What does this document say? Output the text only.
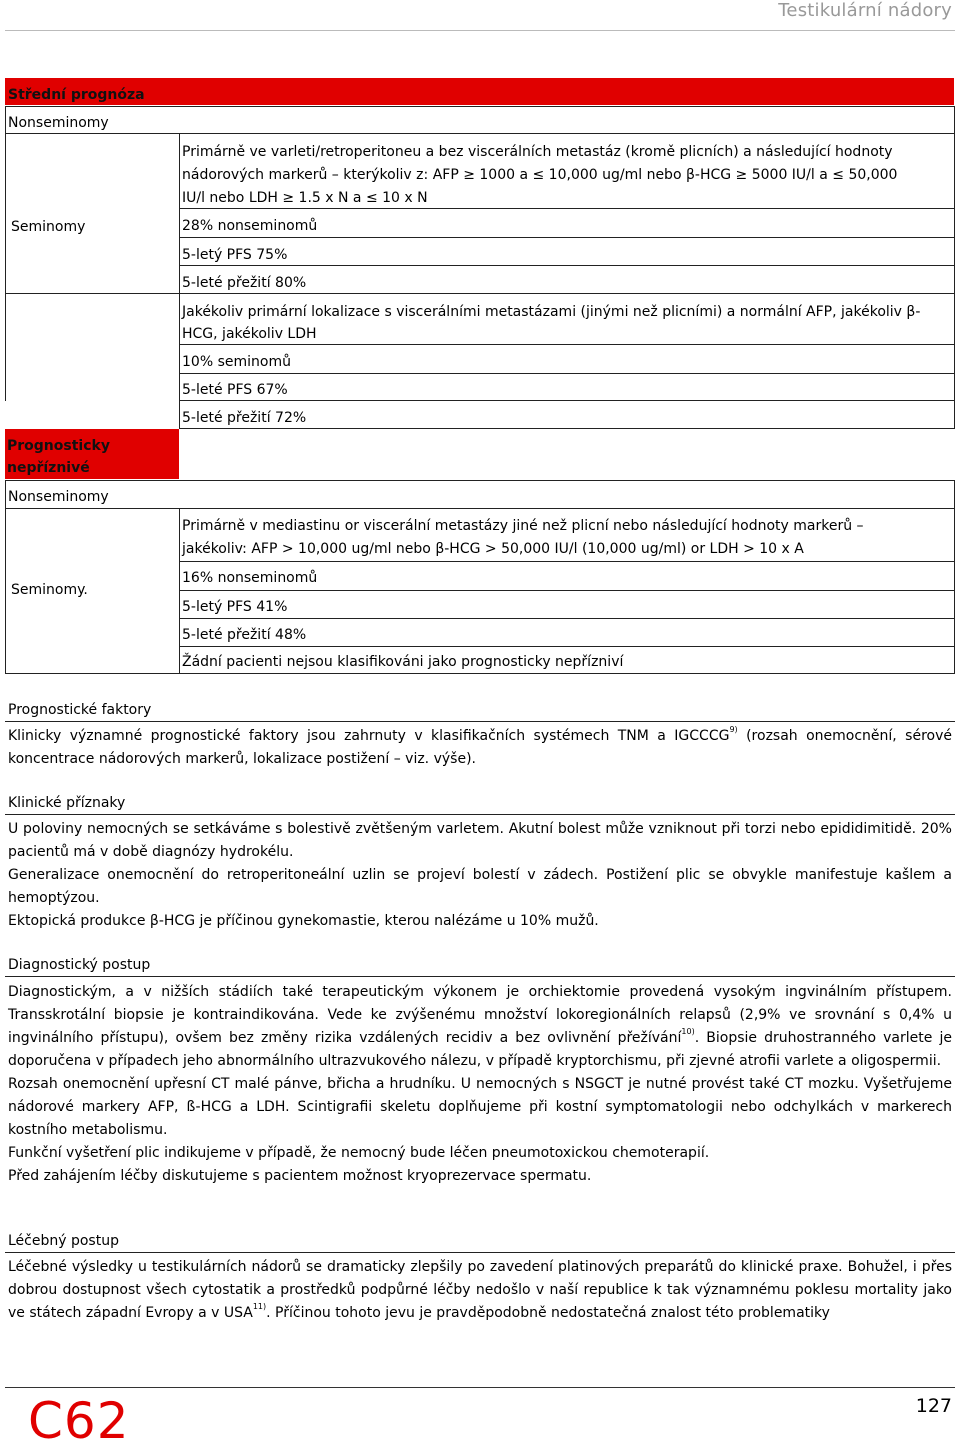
Testikulární nádory
Střední prognóza
Nonseminomy
Seminomy
Primárně ve varleti/retroperitoneu a bez viscerálních metastáz (kromě plicních) a následující hodnoty
nádorových markerů – kterýkoliv z: AFP ≥ 1000 a ≤ 10,000 ug/ml nebo β-HCG ≥ 5000 IU/l a ≤ 50,000
IU/l nebo LDH ≥ 1.5 x N a ≤ 10 x N
28% nonseminomů
5-letý PFS 75%
5-leté přežití 80%
Jakékoliv primární lokalizace s viscerálními metastázami (jinými než plicními) a normální AFP, jakékoliv β-
HCG, jakékoliv LDH
10% seminomů
5-leté PFS 67%
5-leté přežití 72%
Prognosticky
nepříznivé
Nonseminomy
Seminomy.
Primárně v mediastinu or viscerální metastázy jiné než plicní nebo následující hodnoty markerů –
jakékoliv: AFP > 10,000 ug/ml nebo β-HCG > 50,000 IU/l (10,000 ug/ml) or LDH > 10 x A
16% nonseminomů
5-letý PFS 41%
5-leté přežití 48%
Žádní pacienti nejsou klasifikováni jako prognosticky nepřízniví
Prognostické faktory

Klinicky významné prognostické faktory jsou zahrnuty v klasifikačních systémech TNM a IGCCCG$^{9)}$ (rozsah onemocnění, sérové koncentrace nádorových markerů, lokalizace postižení – viz. výše).

Klinické příznaky

U poloviny nemocných se setkáváme s bolestivě zvětšeným varletem. Akutní bolest může vzniknout při torzi nebo epididimitidě. 20% pacientů má v době diagnózy hydrokélu.

Generalizace onemocnění do retroperitoneální uzlin se projeví bolestí v zádech. Postižení plic se obvykle manifestuje kašlem a hemoptýzou.

Ektopická produkce β-HCG je příčinou gynekomastie, kterou nalézáme u 10% mužů.

Diagnostický postup

Diagnostickým, a v nižších stádiích také terapeutickým výkonem je orchiektomie provedená vysokým ingvinálním přístupem. Transskrotální biopsie je kontraindikována. Vede ke zvýšenému množství lokoregionálních relapsů (2,9% ve srovnání s 0,4% u ingvinálního přístupu), ovšem bez změny rizika vzdálených recidiv a bez ovlivnění přežívání$^{10)}$. Biopsie druhostranného varlete je doporučena v případech jeho abnormálního ultrazvukového nálezu, v případě kryptorchismu, při zjevné atrofii varlete a oligospermii.

Rozsah onemocnění upřesní CT malé pánve, břicha a hrudníku. U nemocných s NSGCT je nutné provést také CT mozku. Vyšetřujeme nádorové markery AFP, ß-HCG a LDH. Scintigrafii skeletu doplňujeme při kostní symptomatologii nebo odchylkách v markerech kostního metabolismu.

Funkční vyšetření plic indikujeme v případě, že nemocný bude léčen pneumotoxickou chemoterapií.

Před zahájením léčby diskutujeme s pacientem možnost kryoprezervace spermatu.

Léčebný postup

Léčebné výsledky u testikulárních nádorů se dramaticky zlepšily po zavedení platinových preparátů do klinické praxe. Bohužel, i přes dobrou dostupnost všech cytostatik a prostředků podpůrné léčby nedošlo v naší republice k tak významnému poklesu mortality jako ve státech západní Evropy a v USA$^{11)}$. Příčinou tohoto jevu je pravděpodobně nedostatečná znalost této problematiky

C62	127
